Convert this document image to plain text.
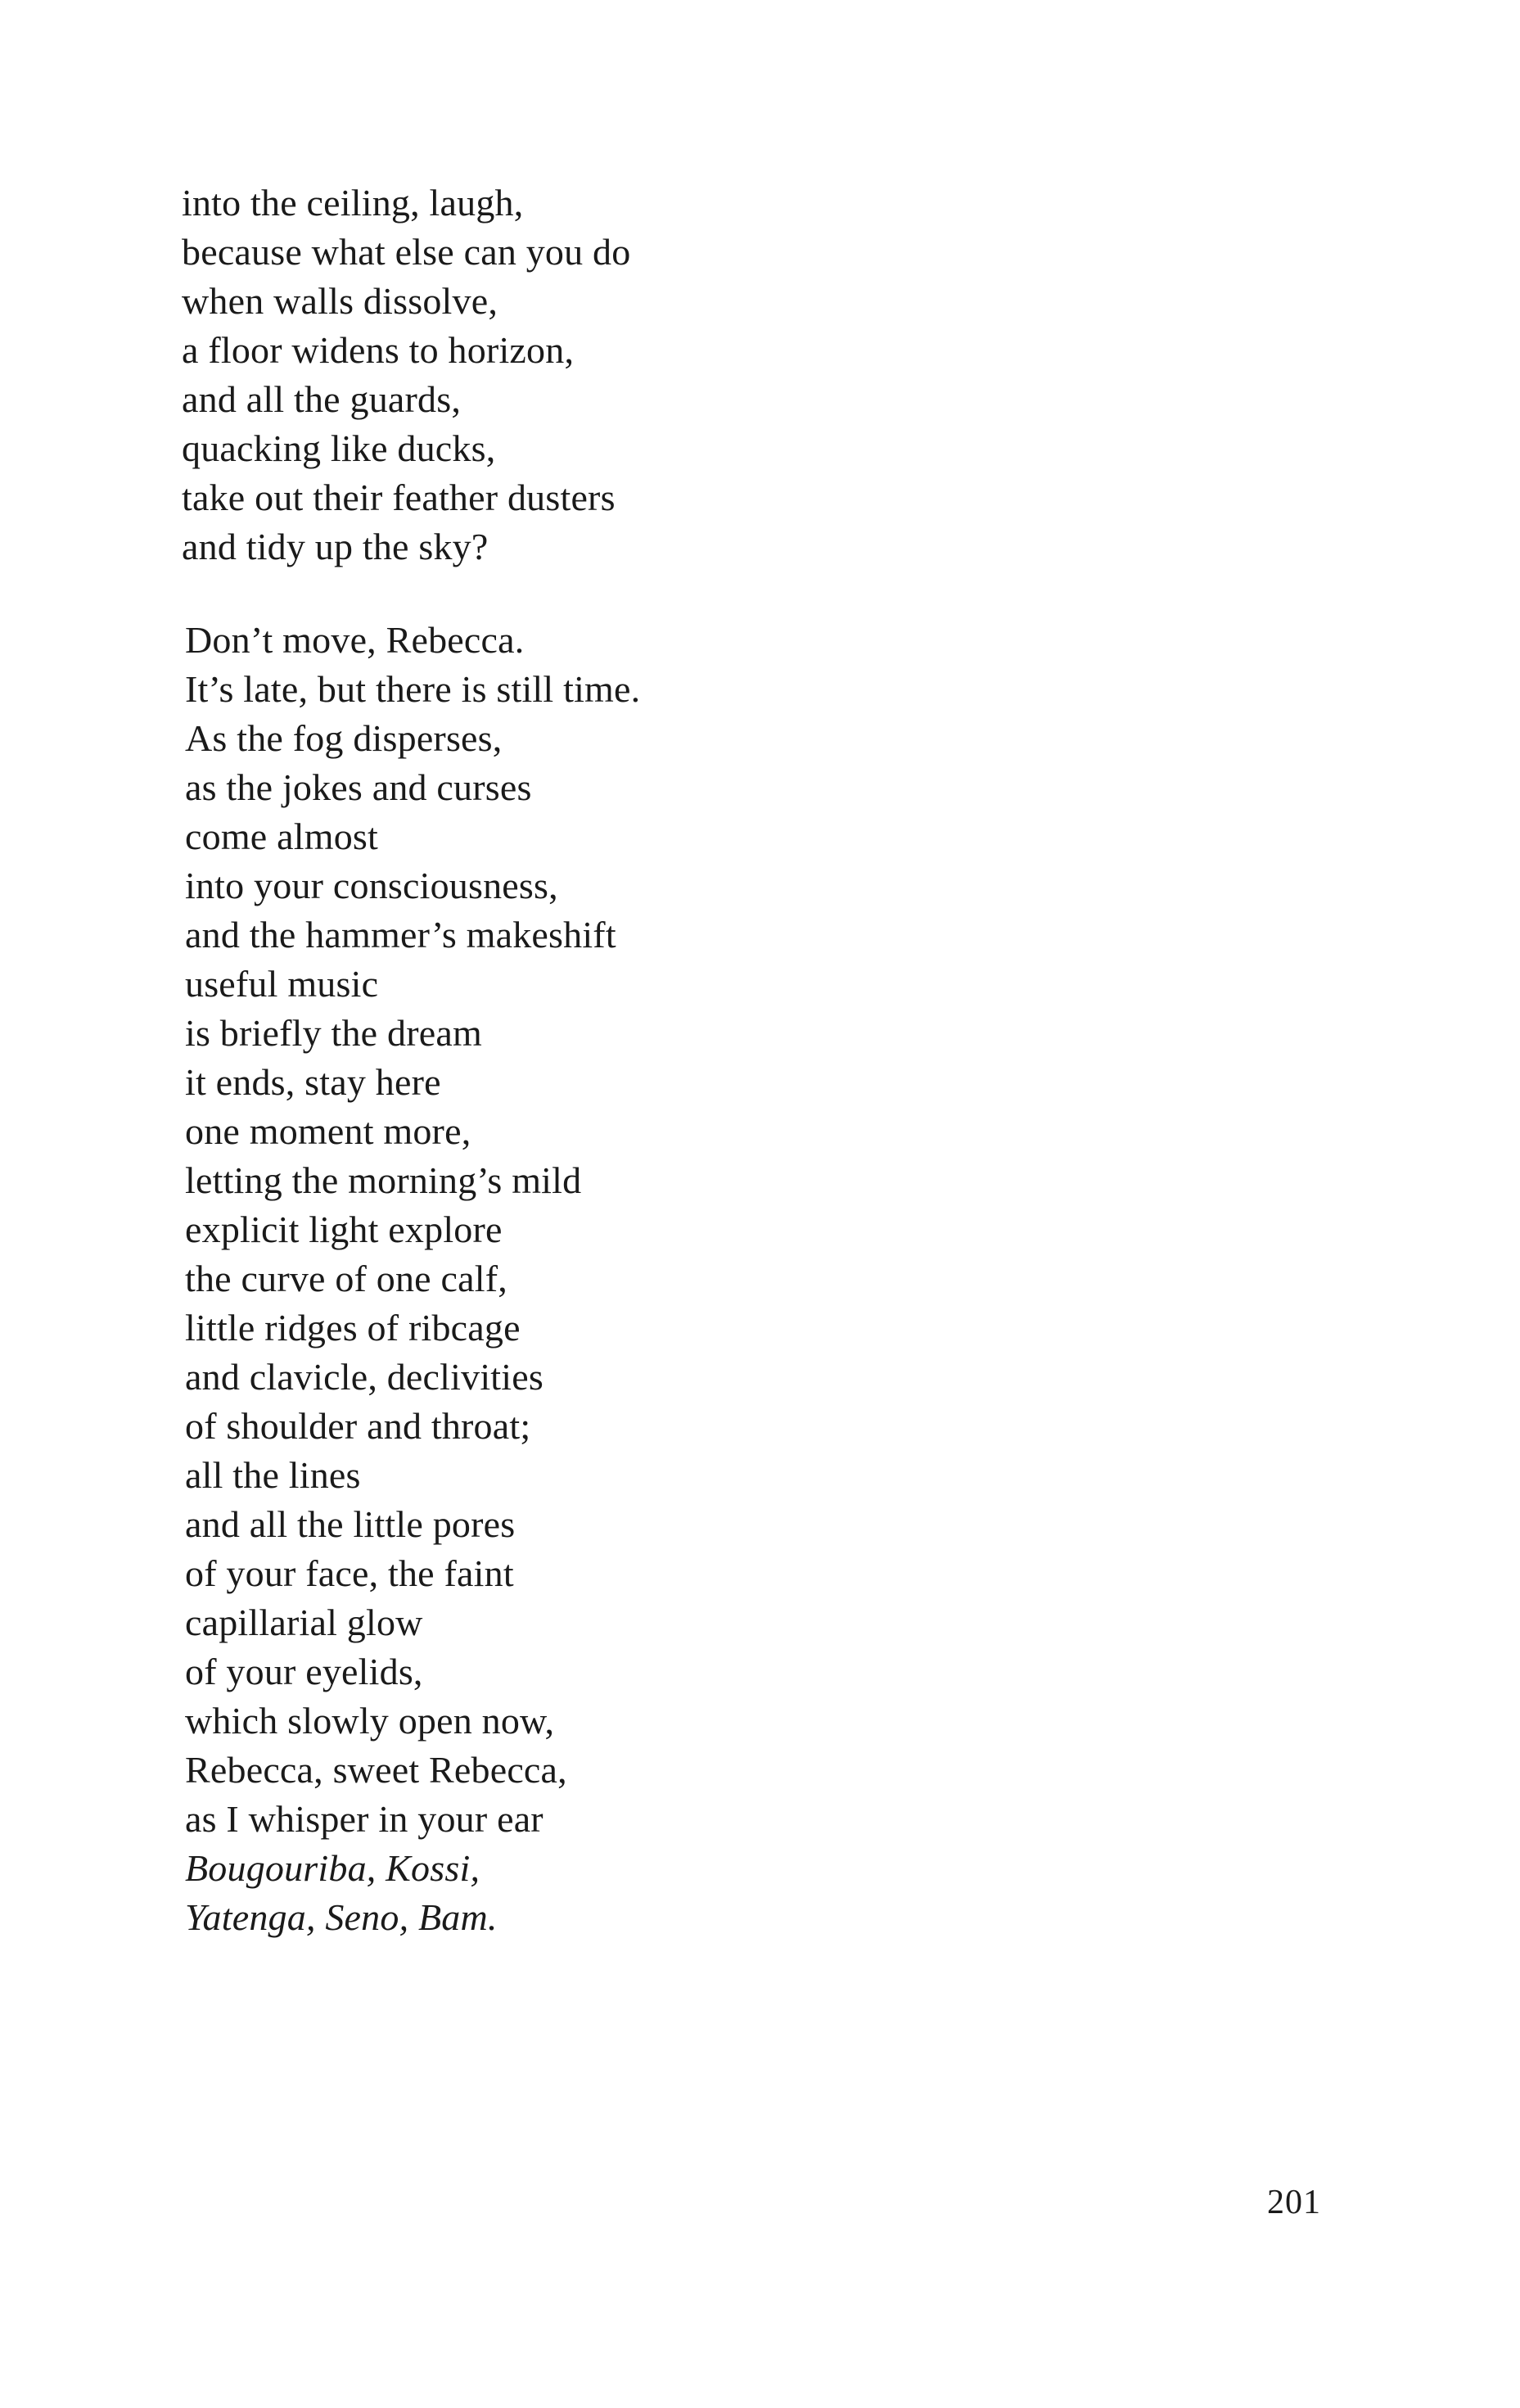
into the ceiling, laugh,
because what else can you do
when walls dissolve,
a floor widens to horizon,
and all the guards,
quacking like ducks,
take out their feather dusters
and tidy up the sky?
Don’t move, Rebecca.
It’s late, but there is still time.
As the fog disperses,
as the jokes and curses
come almost
into your consciousness,
and the hammer’s makeshift
useful music
is briefly the dream
it ends, stay here
one moment more,
letting the morning’s mild
explicit light explore
the curve of one calf,
little ridges of ribcage
and clavicle, declivities
of shoulder and throat;
all the lines
and all the little pores
of your face, the faint
capillarial glow
of your eyelids,
which slowly open now,
Rebecca, sweet Rebecca,
as I whisper in your ear
Bougouriba, Kossi,
Yatenga, Seno, Bam.
201
